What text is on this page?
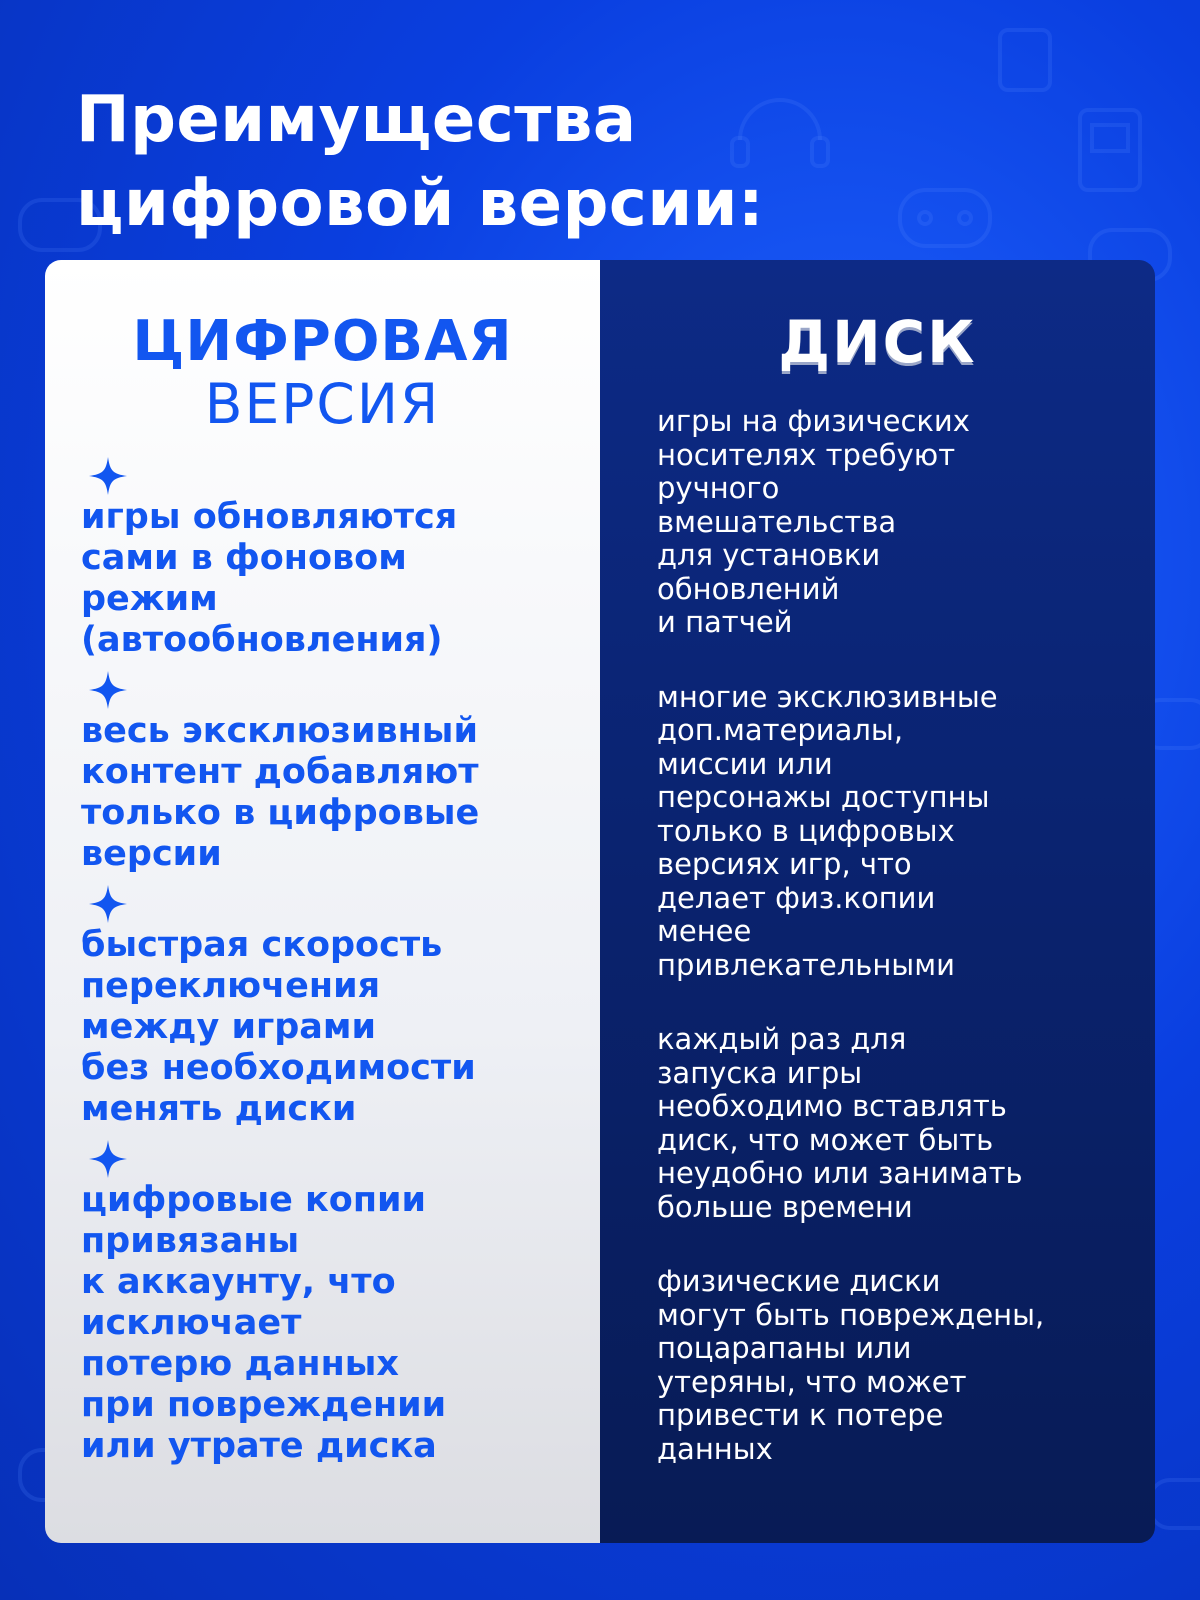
Преимущества
цифровой версии:
ЦИФРОВАЯ
ВЕРСИЯ
игры обновляются
сами в фоновом
режим
(автообновления)
весь эксклюзивный
контент добавляют
только в цифровые
версии
быстрая скорость
переключения
между играми
без необходимости
менять диски
цифровые копии
привязаны
к аккаунту, что
исключает
потерю данных
при повреждении
или утрате диска
ДИСК
игры на физических
носителях требуют
ручного
вмешательства
для установки
обновлений
и патчей
многие эксклюзивные
доп.материалы,
миссии или
персонажы доступны
только в цифровых
версиях игр, что
делает физ.копии
менее
привлекательными
каждый раз для
запуска игры
необходимо вставлять
диск, что может быть
неудобно или занимать
больше времени
физические диски
могут быть повреждены,
поцарапаны или
утеряны, что может
привести к потере
данных
